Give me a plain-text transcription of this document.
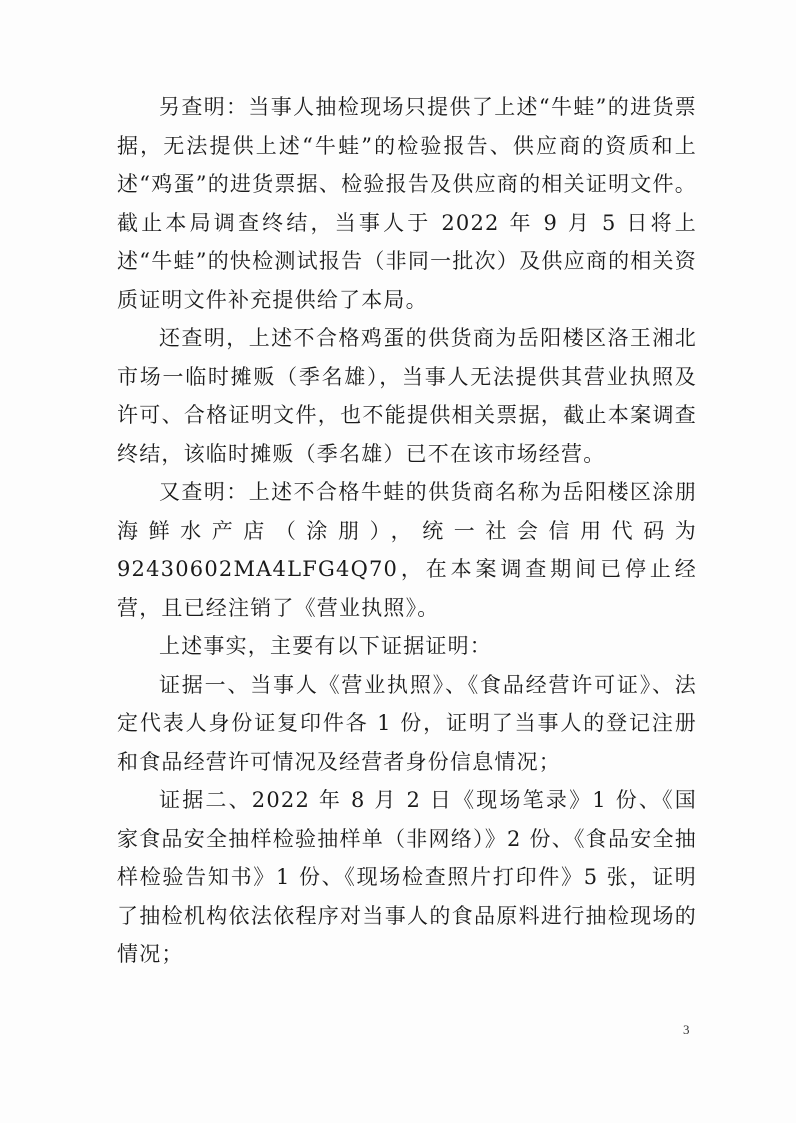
另查明：当事人抽检现场只提供了上述“牛蛙”的进货票据，无法提供上述“牛蛙”的检验报告、供应商的资质和上述“鸡蛋”的进货票据、检验报告及供应商的相关证明文件。截止本局调查终结，当事人于 2022 年 9 月 5 日将上述“牛蛙”的快检测试报告（非同一批次）及供应商的相关资质证明文件补充提供给了本局。

还查明，上述不合格鸡蛋的供货商为岳阳楼区洛王湘北市场一临时摊贩（季名雄），当事人无法提供其营业执照及许可、合格证明文件，也不能提供相关票据，截止本案调查终结，该临时摊贩（季名雄）已不在该市场经营。

又查明：上述不合格牛蛙的供货商名称为岳阳楼区涂朋海鲜水产店（涂朋），统一社会信用代码为92430602MA4LFG4Q70，在本案调查期间已停止经营，且已经注销了《营业执照》。

上述事实，主要有以下证据证明：

证据一、当事人《营业执照》、《食品经营许可证》、法定代表人身份证复印件各 1 份，证明了当事人的登记注册和食品经营许可情况及经营者身份信息情况；

证据二、2022 年 8 月 2 日《现场笔录》1 份、《国家食品安全抽样检验抽样单（非网络）》2 份、《食品安全抽样检验告知书》1 份、《现场检查照片打印件》5 张，证明了抽检机构依法依程序对当事人的食品原料进行抽检现场的情况；

3
